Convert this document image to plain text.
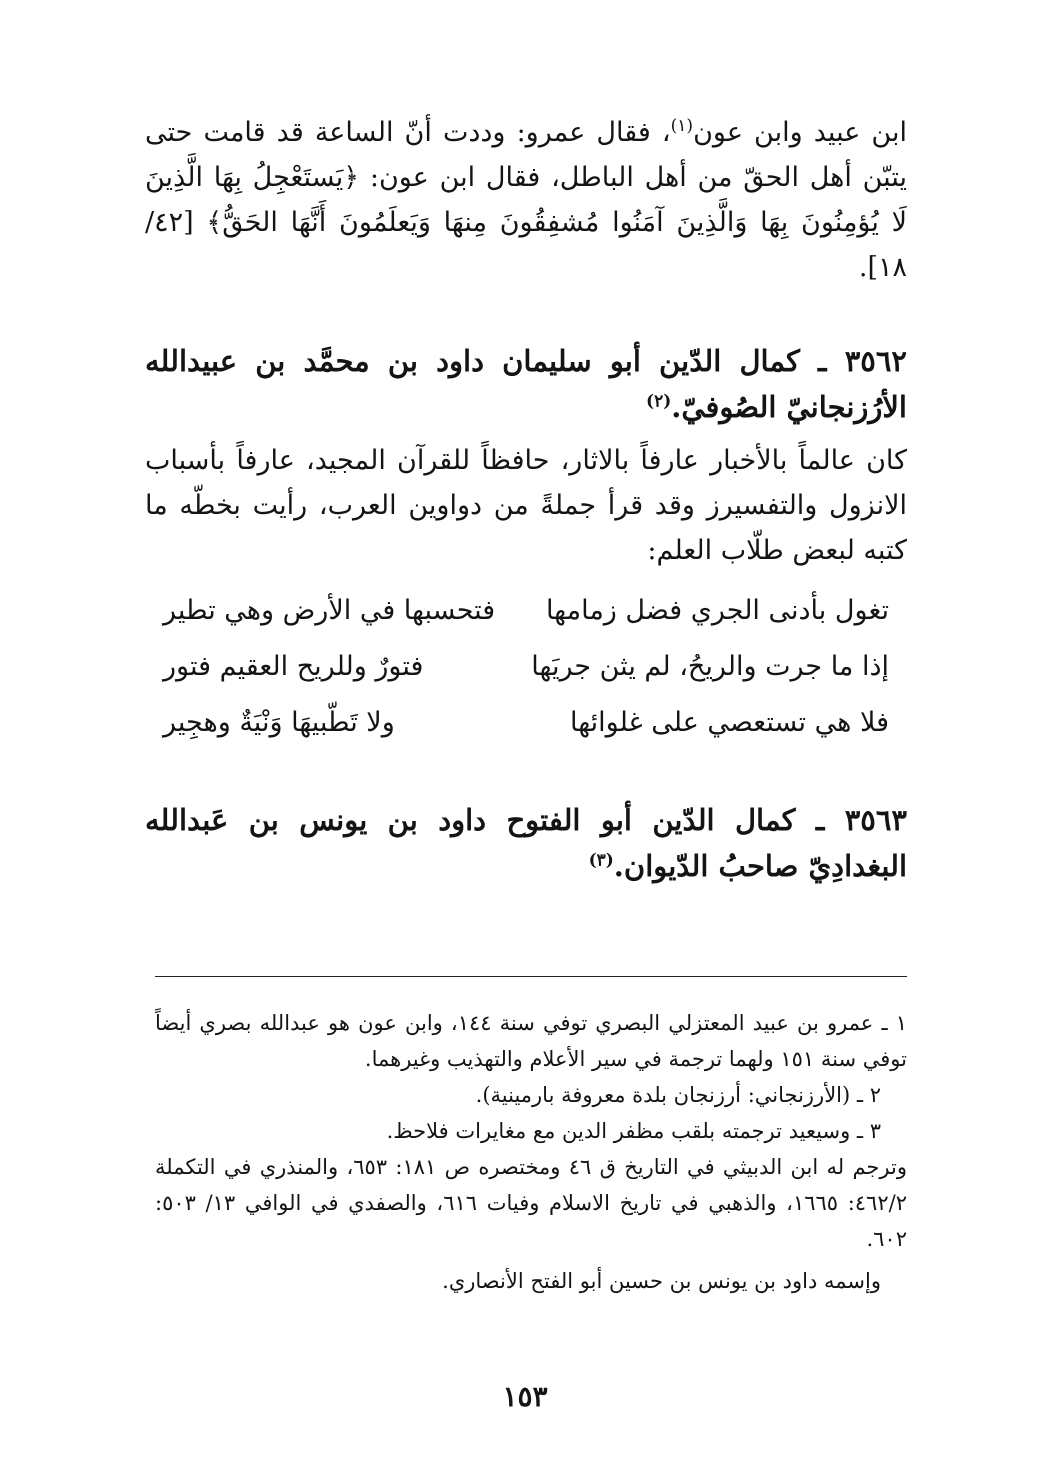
ابن عبيد وابن عون$^{(١)}$، فقال عمرو: وددت أنّ الساعة قد قامت حتى يتبّن أهل الحقّ من أهل الباطل، فقال ابن عون: ﴿يَستَعْجِلُ بِهَا الَّذِينَ لَا يُؤمِنُونَ بِهَا وَالَّذِينَ آمَنُوا مُشفِقُونَ مِنهَا وَيَعلَمُونَ أَنَّهَا الحَقُّ﴾ [٤٢/ ١٨].

٣٥٦٢ ـ كمال الدّين أبو سليمان داود بن محمَّد بن عبيدالله الأرُزنجانيّ الصُوفيّ.$^{(٢)}$

كان عالماً بالأخبار عارفاً بالاثار، حافظاً للقرآن المجيد، عارفاً بأسباب الانزول والتفسيرز وقد قرأ جملةً من دواوين العرب، رأيت بخطّه ما كتبه لبعض طلّاب العلم:

تغول بأدنى الجري فضل زمامها
فتحسبها في الأرض وهي تطير
إذا ما جرت والريحُ، لم يثن جريَها
فتورٌ وللريح العقيم فتور
فلا هي تستعصي على غلوائها
ولا تَطّبيهَا وَنْيَةٌ وهجِير

٣٥٦٣ ـ كمال الدّين أبو الفتوح داود بن يونس بن عَبدالله البغدادِيّ صاحبُ الدّيوان.$^{(٣)}$

١ ـ عمرو بن عبيد المعتزلي البصري توفي سنة ١٤٤، وابن عون هو عبدالله بصري أيضاً توفي سنة ١٥١ ولهما ترجمة في سير الأعلام والتهذيب وغيرهما.

٢ ـ (الأرزنجاني: أرزنجان بلدة معروفة بارمينية).

٣ ـ وسيعيد ترجمته بلقب مظفر الدين مع مغايرات فلاحظ.

وترجم له ابن الدبيثي في التاريخ ق ٤٦ ومختصره ص ١٨١: ٦٥٣، والمنذري في التكملة ٤٦٢/٢: ١٦٦٥، والذهبي في تاريخ الاسلام وفيات ٦١٦، والصفدي في الوافي ١٣/ ٥٠٣: ٦٠٢.

وإسمه داود بن يونس بن حسين أبو الفتح الأنصاري.

١٥٣
